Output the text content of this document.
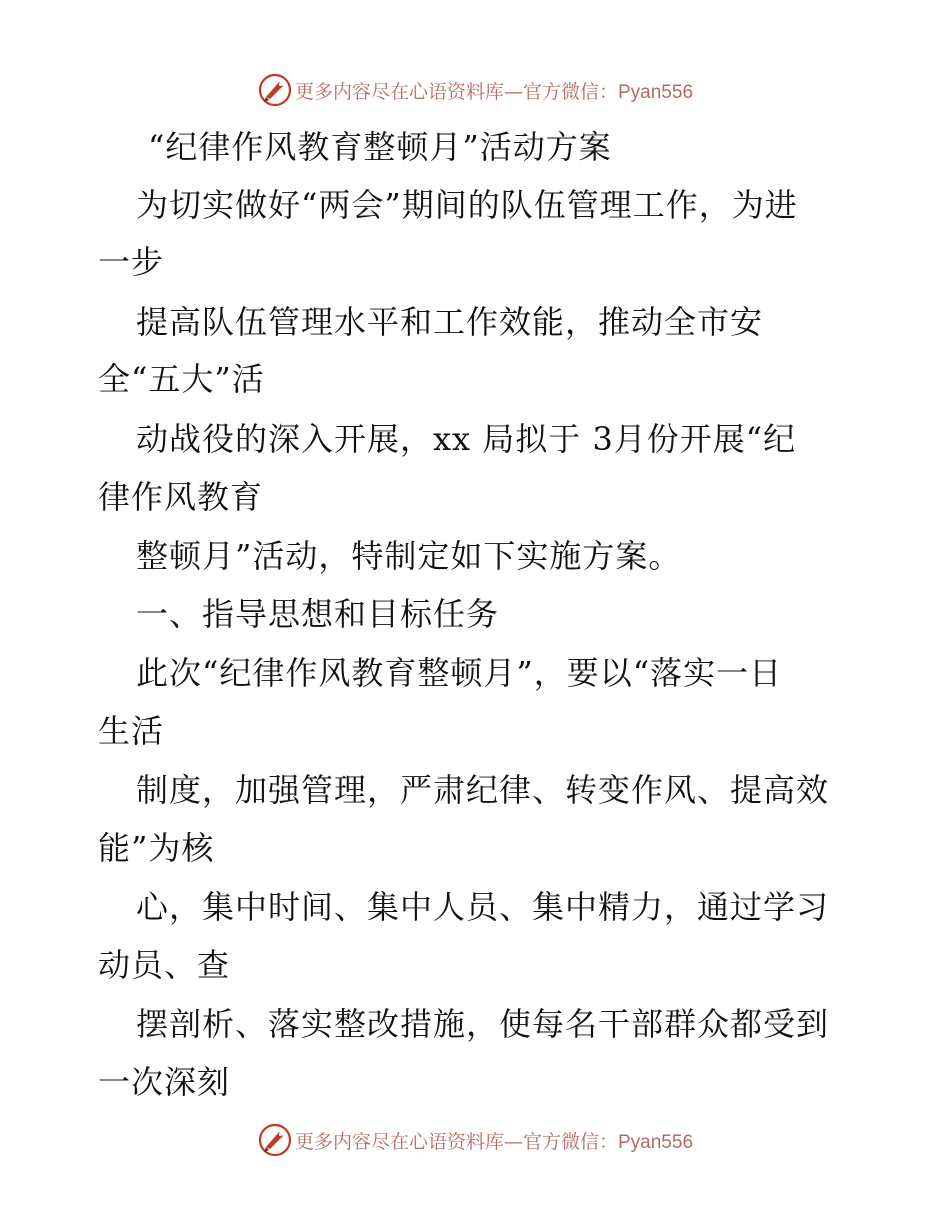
更多内容尽在心语资料库—官方微信：Pyan556
“纪律作风教育整顿月”活动方案
为切实做好“两会”期间的队伍管理工作，为进
一步
提高队伍管理水平和工作效能，推动全市安
全“五大”活
动战役的深入开展，xx 局拟于 3月份开展“纪
律作风教育
整顿月”活动，特制定如下实施方案。
一、指导思想和目标任务
此次“纪律作风教育整顿月”，要以“落实一日
生活
制度，加强管理，严肃纪律、转变作风、提高效
能”为核
心，集中时间、集中人员、集中精力，通过学习
动员、查
摆剖析、落实整改措施，使每名干部群众都受到
一次深刻
更多内容尽在心语资料库—官方微信：Pyan556
